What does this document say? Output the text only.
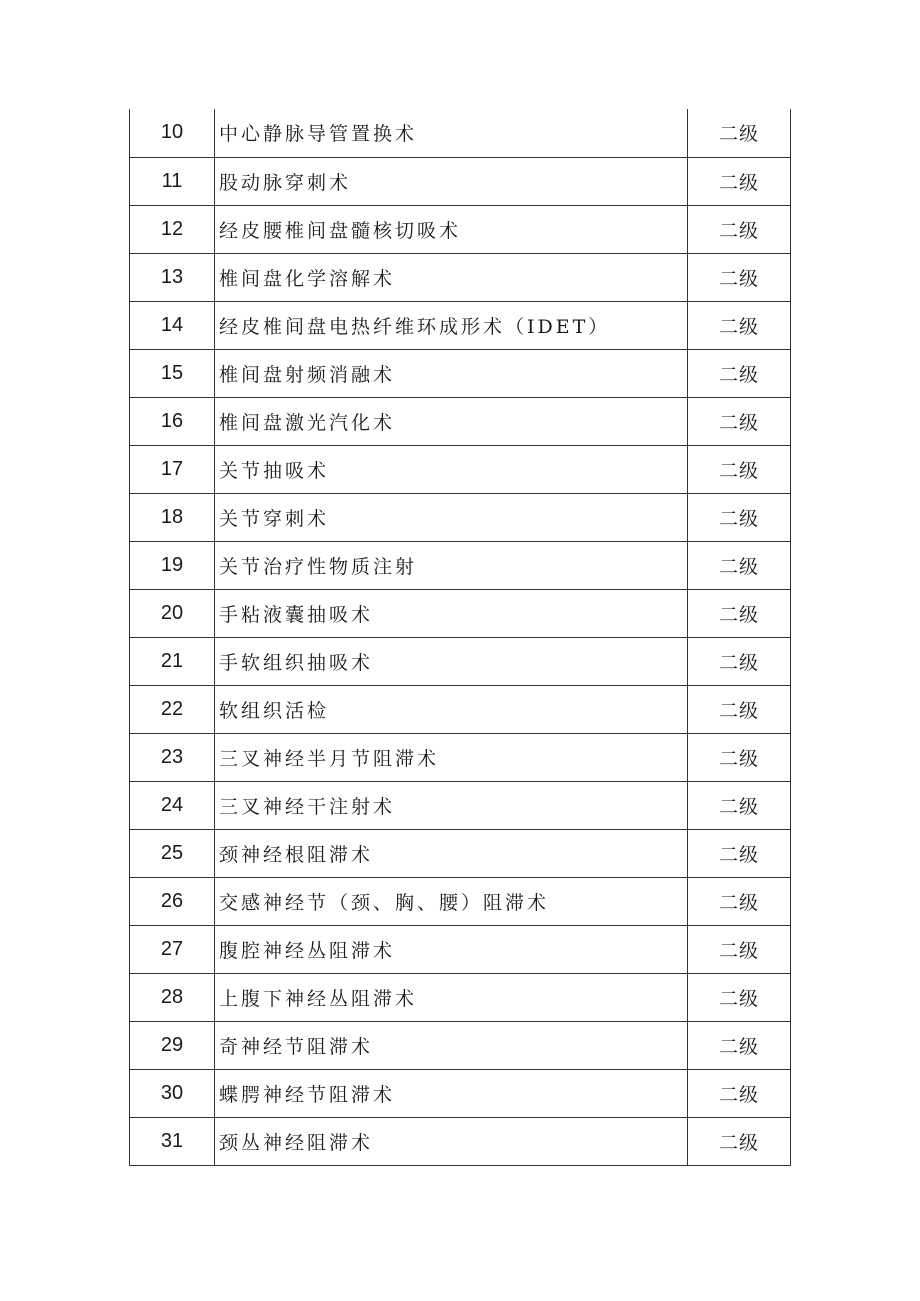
10	中心静脉导管置换术	二级
11	股动脉穿刺术	二级
12	经皮腰椎间盘髓核切吸术	二级
13	椎间盘化学溶解术	二级
14	经皮椎间盘电热纤维环成形术（IDET）	二级
15	椎间盘射频消融术	二级
16	椎间盘激光汽化术	二级
17	关节抽吸术	二级
18	关节穿刺术	二级
19	关节治疗性物质注射	二级
20	手粘液囊抽吸术	二级
21	手软组织抽吸术	二级
22	软组织活检	二级
23	三叉神经半月节阻滞术	二级
24	三叉神经干注射术	二级
25	颈神经根阻滞术	二级
26	交感神经节（颈、胸、腰）阻滞术	二级
27	腹腔神经丛阻滞术	二级
28	上腹下神经丛阻滞术	二级
29	奇神经节阻滞术	二级
30	蝶腭神经节阻滞术	二级
31	颈丛神经阻滞术	二级
